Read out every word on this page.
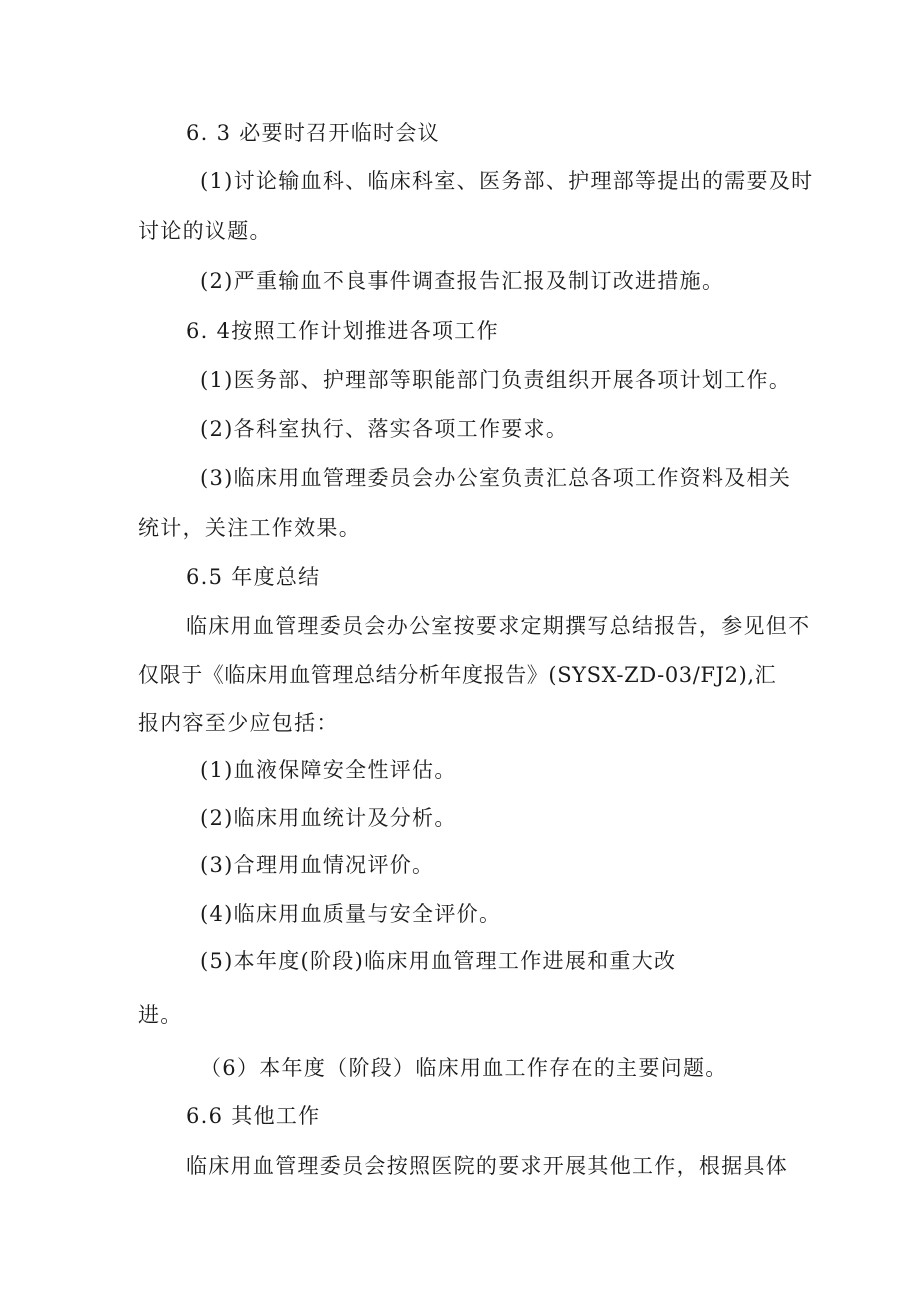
6. 3 必要时召开临时会议
(1)讨论输血科、临床科室、医务部、护理部等提出的需要及时
讨论的议题。
(2)严重输血不良事件调查报告汇报及制订改进措施。
6. 4按照工作计划推进各项工作
(1)医务部、护理部等职能部门负责组织开展各项计划工作。
(2)各科室执行、落实各项工作要求。
(3)临床用血管理委员会办公室负责汇总各项工作资料及相关
统计，关注工作效果。
6.5 年度总结
临床用血管理委员会办公室按要求定期撰写总结报告，参见但不
仅限于《临床用血管理总结分析年度报告》(SYSX-ZD-03/FJ2),汇
报内容至少应包括：
(1)血液保障安全性评估。
(2)临床用血统计及分析。
(3)合理用血情况评价。
(4)临床用血质量与安全评价。
(5)本年度(阶段)临床用血管理工作进展和重大改
进。
（6）本年度（阶段）临床用血工作存在的主要问题。
6.6 其他工作
临床用血管理委员会按照医院的要求开展其他工作，根据具体
